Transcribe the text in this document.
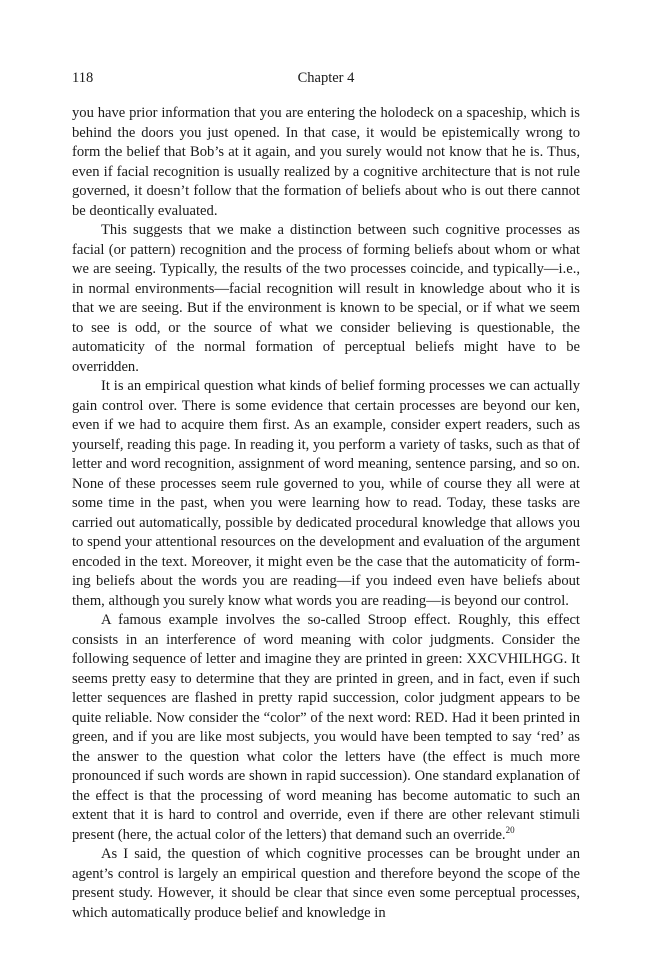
118	Chapter 4

you have prior information that you are entering the holodeck on a spaceship, which is behind the doors you just opened. In that case, it would be epistemically wrong to form the belief that Bob’s at it again, and you surely would not know that he is. Thus, even if facial recognition is usually realized by a cognitive architecture that is not rule governed, it doesn’t follow that the formation of beliefs about who is out there cannot be deontically evaluated.

This suggests that we make a distinction between such cognitive processes as facial (or pattern) recognition and the process of forming beliefs about whom or what we are seeing. Typically, the results of the two processes coincide, and typically—i.e., in normal environments—facial recognition will result in knowledge about who it is that we are seeing. But if the environment is known to be special, or if what we seem to see is odd, or the source of what we consider believing is questionable, the automaticity of the normal formation of perceptual beliefs might have to be overridden.

It is an empirical question what kinds of belief forming processes we can actually gain control over. There is some evidence that certain processes are beyond our ken, even if we had to acquire them first. As an example, consider expert readers, such as yourself, reading this page. In reading it, you perform a variety of tasks, such as that of letter and word recognition, assignment of word meaning, sentence parsing, and so on. None of these processes seem rule governed to you, while of course they all were at some time in the past, when you were learning how to read. Today, these tasks are carried out automatically, possible by dedicated procedural knowledge that allows you to spend your attentional resources on the development and evaluation of the argument encoded in the text. Moreover, it might even be the case that the automaticity of forming beliefs about the words you are reading—if you indeed even have beliefs about them, although you surely know what words you are reading—is beyond our control.

A famous example involves the so-called Stroop effect. Roughly, this effect consists in an interference of word meaning with color judgments. Consider the following sequence of letter and imagine they are printed in green: XXCVHILHGG. It seems pretty easy to determine that they are printed in green, and in fact, even if such letter sequences are flashed in pretty rapid succession, color judgment appears to be quite reliable. Now consider the “color” of the next word: RED. Had it been printed in green, and if you are like most subjects, you would have been tempted to say ‘red’ as the answer to the question what color the letters have (the effect is much more pronounced if such words are shown in rapid succession). One standard explanation of the effect is that the processing of word meaning has become automatic to such an extent that it is hard to control and override, even if there are other relevant stimuli present (here, the actual color of the letters) that demand such an override.$^{20}$

As I said, the question of which cognitive processes can be brought under an agent’s control is largely an empirical question and therefore beyond the scope of the present study. However, it should be clear that since even some perceptual processes, which automatically produce belief and knowledge in
